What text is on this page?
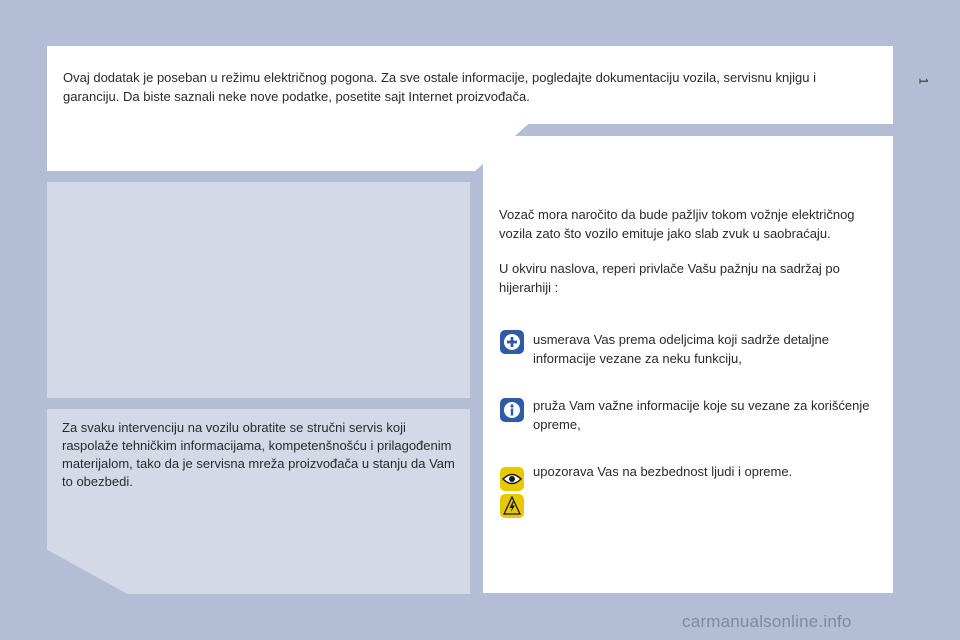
1
Ovaj dodatak je poseban u režimu električnog pogona. Za sve ostale informacije, pogledajte dokumentaciju vozila, servisnu knjigu i garanciju. Da biste saznali neke nove podatke, posetite sajt Internet proizvođača.
Za svaku intervenciju na vozilu obratite se stručni servis koji raspolaže tehničkim informacijama, kompetenšnošću i prilagođenim materijalom, tako da je servisna mreža proizvođača u stanju da Vam to obezbedi.

Vozač mora naročito da bude pažljiv tokom vožnje električnog vozila zato što vozilo emituje jako slab zvuk u saobraćaju.

U okviru naslova, reperi privlače Vašu pažnju na sadržaj po hijerarhiji :

usmerava Vas prema odeljcima koji sadrže detaljne informacije vezane za neku funkciju,
pruža Vam važne informacije koje su vezane za korišćenje opreme,
upozorava Vas na bezbednost ljudi i opreme.
carmanualsonline.info
